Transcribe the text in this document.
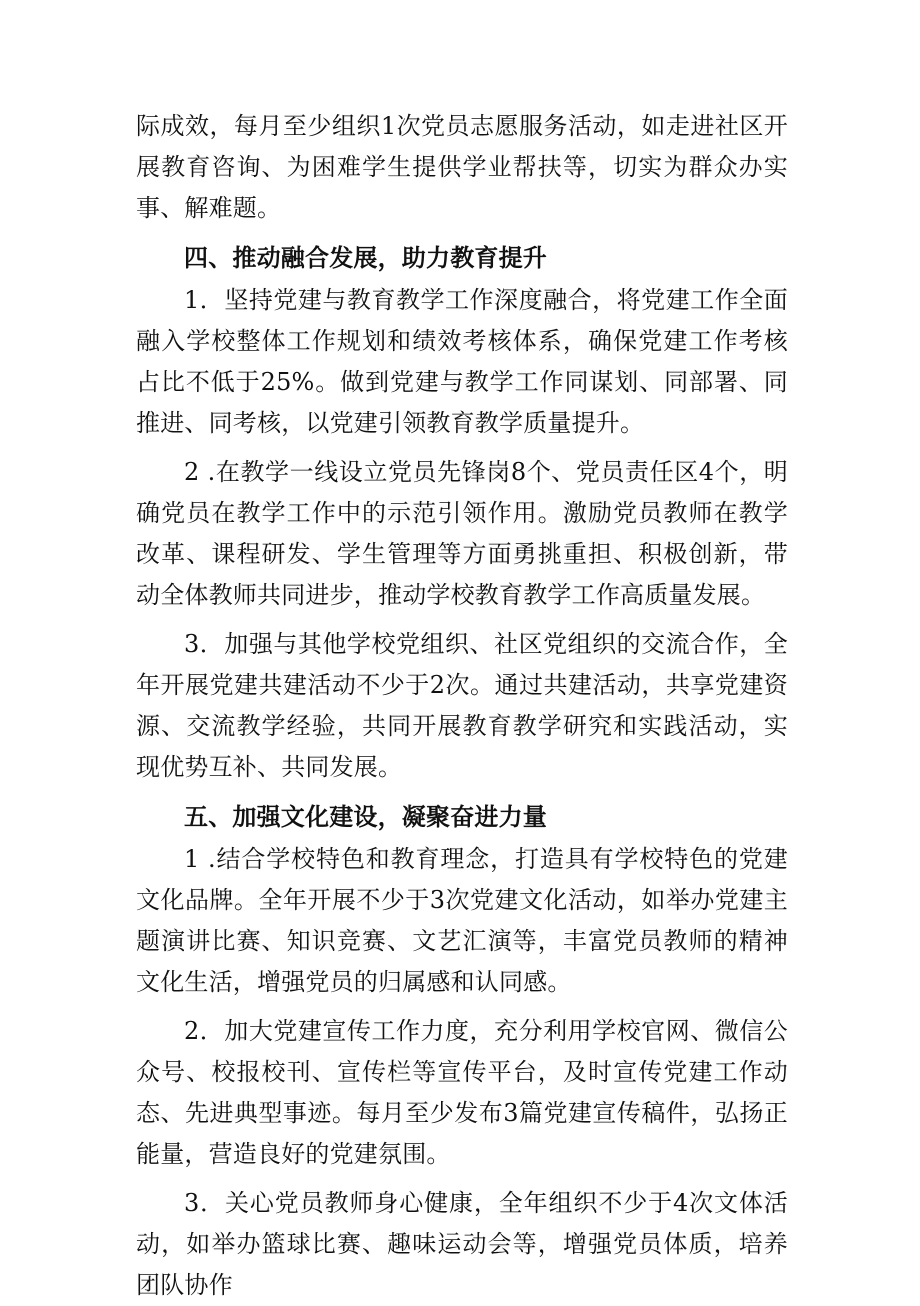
际成效，每月至少组织1次党员志愿服务活动，如走进社区开展教育咨询、为困难学生提供学业帮扶等，切实为群众办实事、解难题。

四、推动融合发展，助力教育提升

1．坚持党建与教育教学工作深度融合，将党建工作全面融入学校整体工作规划和绩效考核体系，确保党建工作考核占比不低于25%。做到党建与教学工作同谋划、同部署、同推进、同考核，以党建引领教育教学质量提升。

2 .在教学一线设立党员先锋岗8个、党员责任区4个，明确党员在教学工作中的示范引领作用。激励党员教师在教学改革、课程研发、学生管理等方面勇挑重担、积极创新，带动全体教师共同进步，推动学校教育教学工作高质量发展。

3．加强与其他学校党组织、社区党组织的交流合作，全年开展党建共建活动不少于2次。通过共建活动，共享党建资源、交流教学经验，共同开展教育教学研究和实践活动，实现优势互补、共同发展。

五、加强文化建设，凝聚奋进力量

1 .结合学校特色和教育理念，打造具有学校特色的党建文化品牌。全年开展不少于3次党建文化活动，如举办党建主题演讲比赛、知识竞赛、文艺汇演等，丰富党员教师的精神文化生活，增强党员的归属感和认同感。

2．加大党建宣传工作力度，充分利用学校官网、微信公众号、校报校刊、宣传栏等宣传平台，及时宣传党建工作动态、先进典型事迹。每月至少发布3篇党建宣传稿件，弘扬正能量，营造良好的党建氛围。

3．关心党员教师身心健康，全年组织不少于4次文体活动，如举办篮球比赛、趣味运动会等，增强党员体质，培养团队协作
